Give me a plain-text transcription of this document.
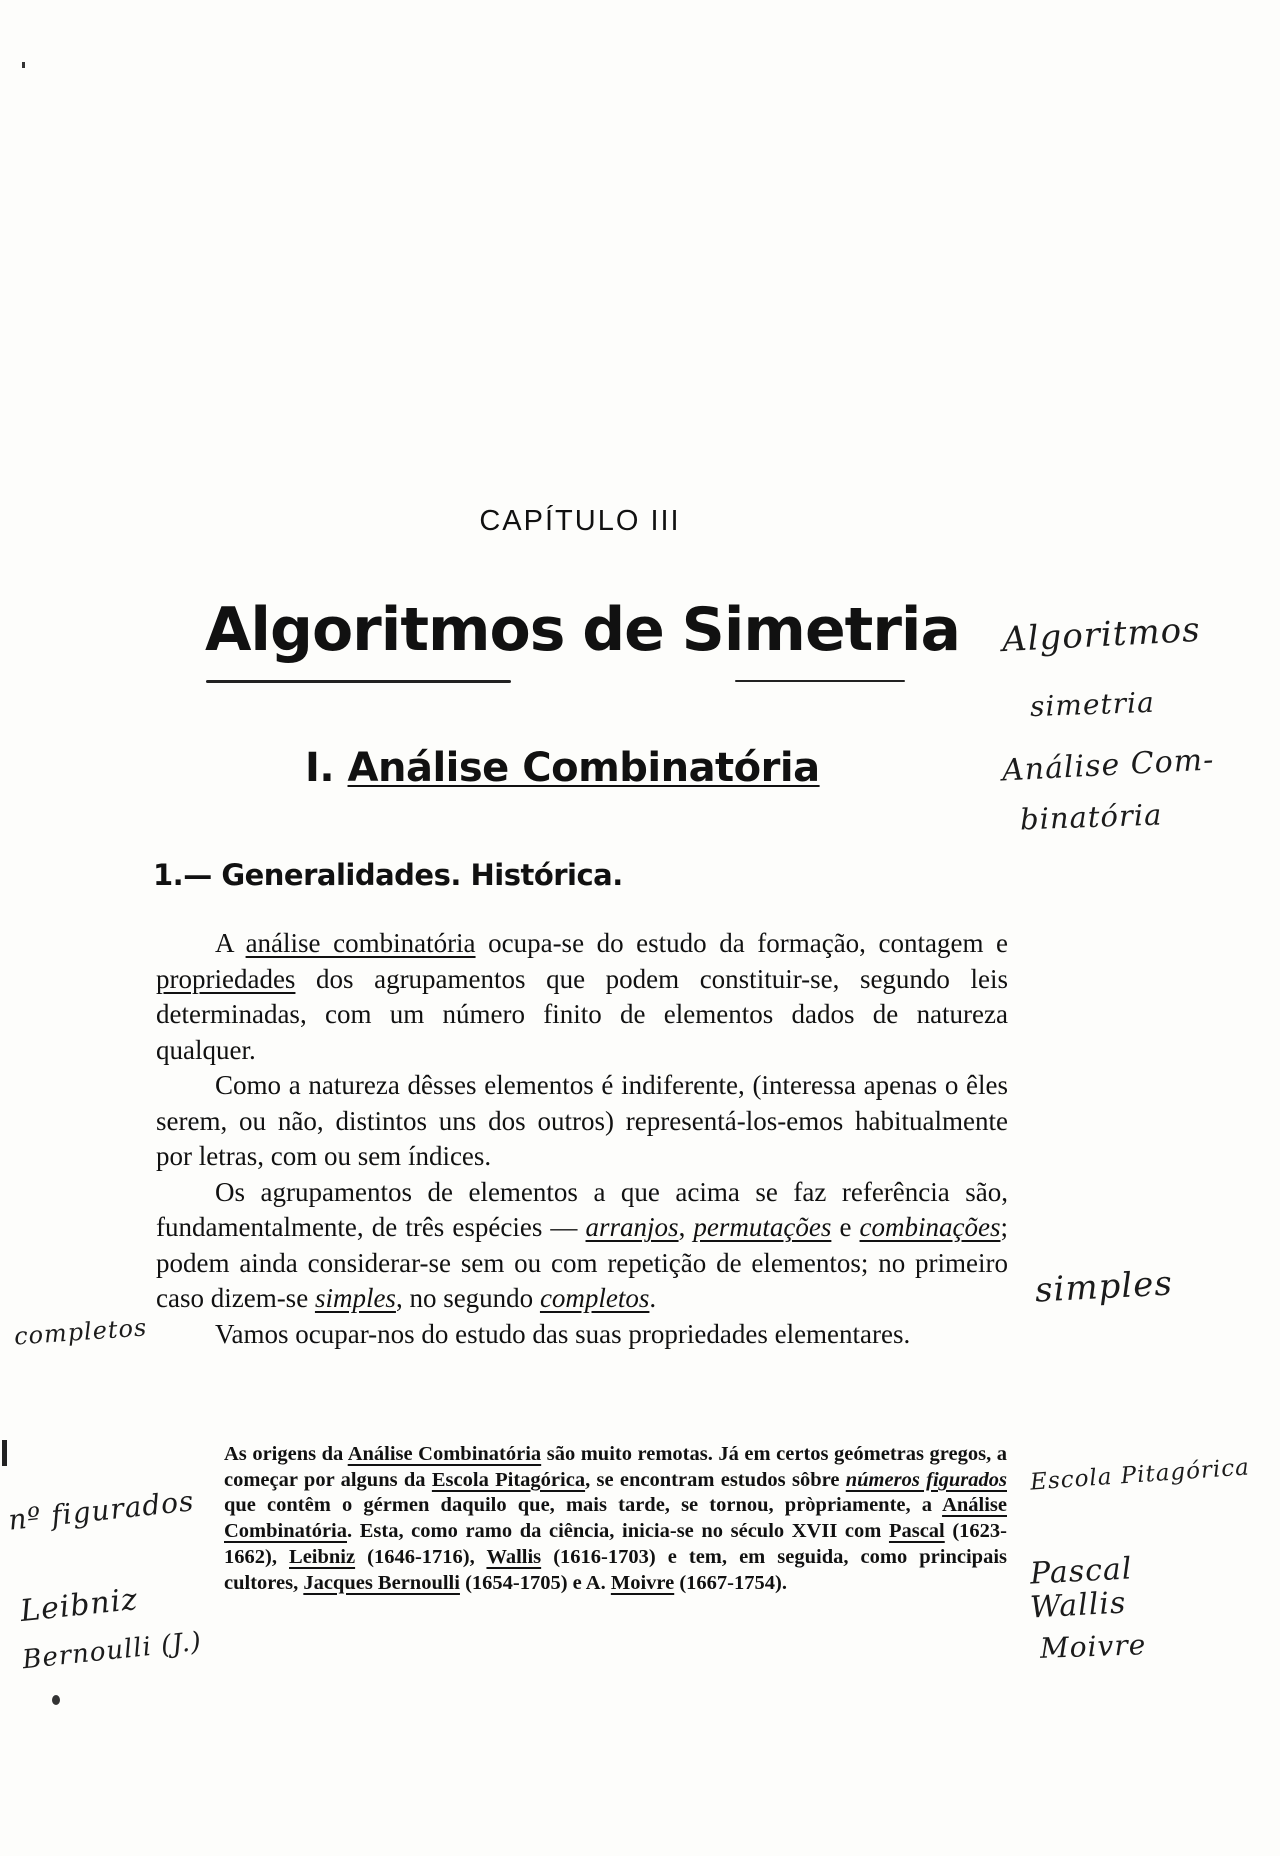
CAPÍTULO III
Algoritmos de Simetria
I. Análise Combinatória
1.— Generalidades. Histórica.

A análise combinatória ocupa-se do estudo da formação, contagem e propriedades dos agrupamentos que podem constituir-se, segundo leis determinadas, com um número finito de elementos dados de natureza qualquer.

Como a natureza dêsses elementos é indiferente, (interessa apenas o êles serem, ou não, distintos uns dos outros) representá-los-emos habitualmente por letras, com ou sem índices.

Os agrupamentos de elementos a que acima se faz referência são, fundamentalmente, de três espécies — arranjos, permutações e combinações; podem ainda considerar-se sem ou com repetição de elementos; no primeiro caso dizem-se simples, no segundo completos.

Vamos ocupar-nos do estudo das suas propriedades elementares.

As origens da Análise Combinatória são muito remotas. Já em certos geómetras gregos, a começar por alguns da Escola Pitagórica, se encontram estudos sôbre números figurados que contêm o gérmen daquilo que, mais tarde, se tornou, pròpriamente, a Análise Combinatória. Esta, como ramo da ciência, inicia-se no século XVII com Pascal (1623-1662), Leibniz (1646-1716), Wallis (1616-1703) e tem, em seguida, como principais cultores, Jacques Bernoulli (1654-1705) e A. Moivre (1667-1754).

Algoritmos
simetria
Análise Com-
binatória
simples
completos
Escola Pitagórica
nº figurados
Pascal
Wallis
Moivre
Leibniz
Bernoulli (J.)
